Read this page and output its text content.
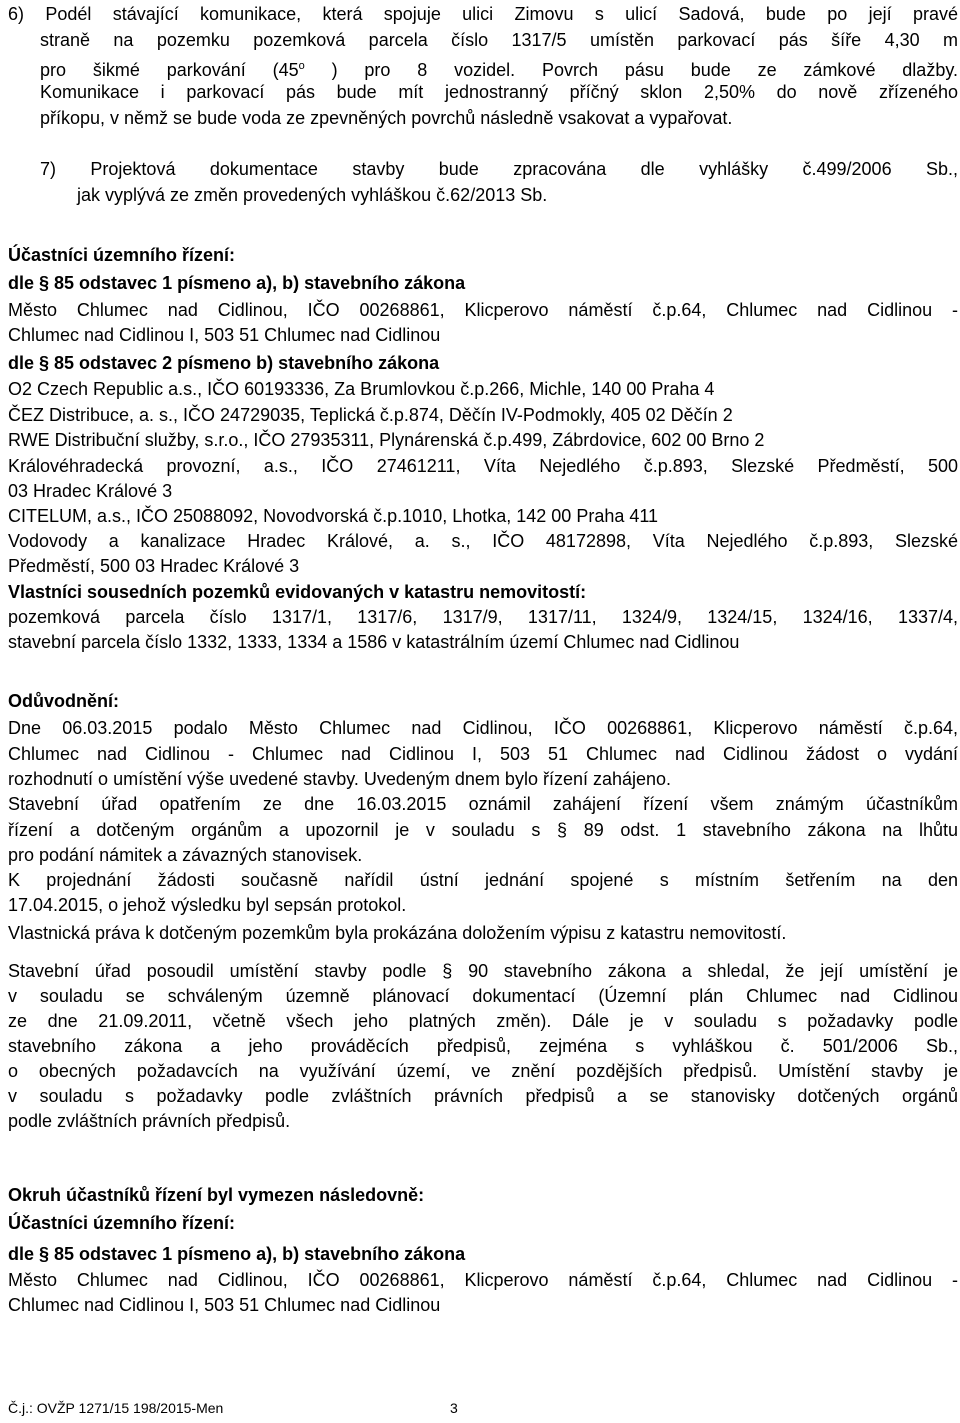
6) Podél stávající komunikace, která spojuje ulici Zimovu s ulicí Sadová, bude po její pravé
straně na pozemku pozemková parcela číslo 1317/5 umístěn parkovací pás šíře 4,30 m
pro šikmé parkování (45$^o$ ) pro 8 vozidel. Povrch pásu bude ze zámkové dlažby.
Komunikace i parkovací pás bude mít jednostranný příčný sklon 2,50% do nově zřízeného
příkopu, v němž se bude voda ze zpevněných povrchů následně vsakovat a vypařovat.
7) Projektová dokumentace stavby bude zpracována dle vyhlášky č.499/2006 Sb.,
jak vyplývá ze změn provedených vyhláškou č.62/2013 Sb.
Účastníci územního řízení:
dle § 85 odstavec 1 písmeno a), b) stavebního zákona
Město Chlumec nad Cidlinou, IČO 00268861, Klicperovo náměstí č.p.64, Chlumec nad Cidlinou -
Chlumec nad Cidlinou I, 503 51 Chlumec nad Cidlinou
dle § 85 odstavec 2 písmeno b) stavebního zákona
O2 Czech Republic a.s., IČO 60193336, Za Brumlovkou č.p.266, Michle, 140 00 Praha 4
ČEZ Distribuce, a. s., IČO 24729035, Teplická č.p.874, Děčín IV-Podmokly, 405 02 Děčín 2
RWE Distribuční služby, s.r.o., IČO 27935311, Plynárenská č.p.499, Zábrdovice, 602 00 Brno 2
Královéhradecká provozní, a.s., IČO 27461211, Víta Nejedlého č.p.893, Slezské Předměstí, 500
03 Hradec Králové 3
CITELUM, a.s., IČO 25088092, Novodvorská č.p.1010, Lhotka, 142 00 Praha 411
Vodovody a kanalizace Hradec Králové, a. s., IČO 48172898, Víta Nejedlého č.p.893, Slezské
Předměstí, 500 03 Hradec Králové 3
Vlastníci sousedních pozemků evidovaných v katastru nemovitostí:
pozemková parcela číslo 1317/1, 1317/6, 1317/9, 1317/11, 1324/9, 1324/15, 1324/16, 1337/4,
stavební parcela číslo 1332, 1333, 1334 a 1586 v katastrálním území Chlumec nad Cidlinou
Odůvodnění:
Dne 06.03.2015 podalo Město Chlumec nad Cidlinou, IČO 00268861, Klicperovo náměstí č.p.64,
Chlumec nad Cidlinou - Chlumec nad Cidlinou I, 503 51 Chlumec nad Cidlinou žádost o vydání
rozhodnutí o umístění výše uvedené stavby. Uvedeným dnem bylo řízení zahájeno.
Stavební úřad opatřením ze dne 16.03.2015 oznámil zahájení řízení všem známým účastníkům
řízení a dotčeným orgánům a upozornil je v souladu s § 89 odst. 1 stavebního zákona na lhůtu
pro podání námitek a závazných stanovisek.
K projednání žádosti současně nařídil ústní jednání spojené s místním šetřením na den
17.04.2015, o jehož výsledku byl sepsán protokol.
Vlastnická práva k dotčeným pozemkům byla prokázána doložením výpisu z katastru nemovitostí.
Stavební úřad posoudil umístění stavby podle § 90 stavebního zákona a shledal, že její umístění je
v souladu se schváleným územně plánovací dokumentací (Územní plán Chlumec nad Cidlinou
ze dne 21.09.2011, včetně všech jeho platných změn). Dále je v souladu s požadavky podle
stavebního zákona a jeho prováděcích předpisů, zejména s vyhláškou č. 501/2006 Sb.,
o obecných požadavcích na využívání území, ve znění pozdějších předpisů. Umístění stavby je
v souladu s požadavky podle zvláštních právních předpisů a se stanovisky dotčených orgánů
podle zvláštních právních předpisů.
Okruh účastníků řízení byl vymezen následovně:
Účastníci územního řízení:
dle § 85 odstavec 1 písmeno a), b) stavebního zákona
Město Chlumec nad Cidlinou, IČO 00268861, Klicperovo náměstí č.p.64, Chlumec nad Cidlinou -
Chlumec nad Cidlinou I, 503 51 Chlumec nad Cidlinou
Č.j.: OVŽP 1271/15 198/2015-Men	3
